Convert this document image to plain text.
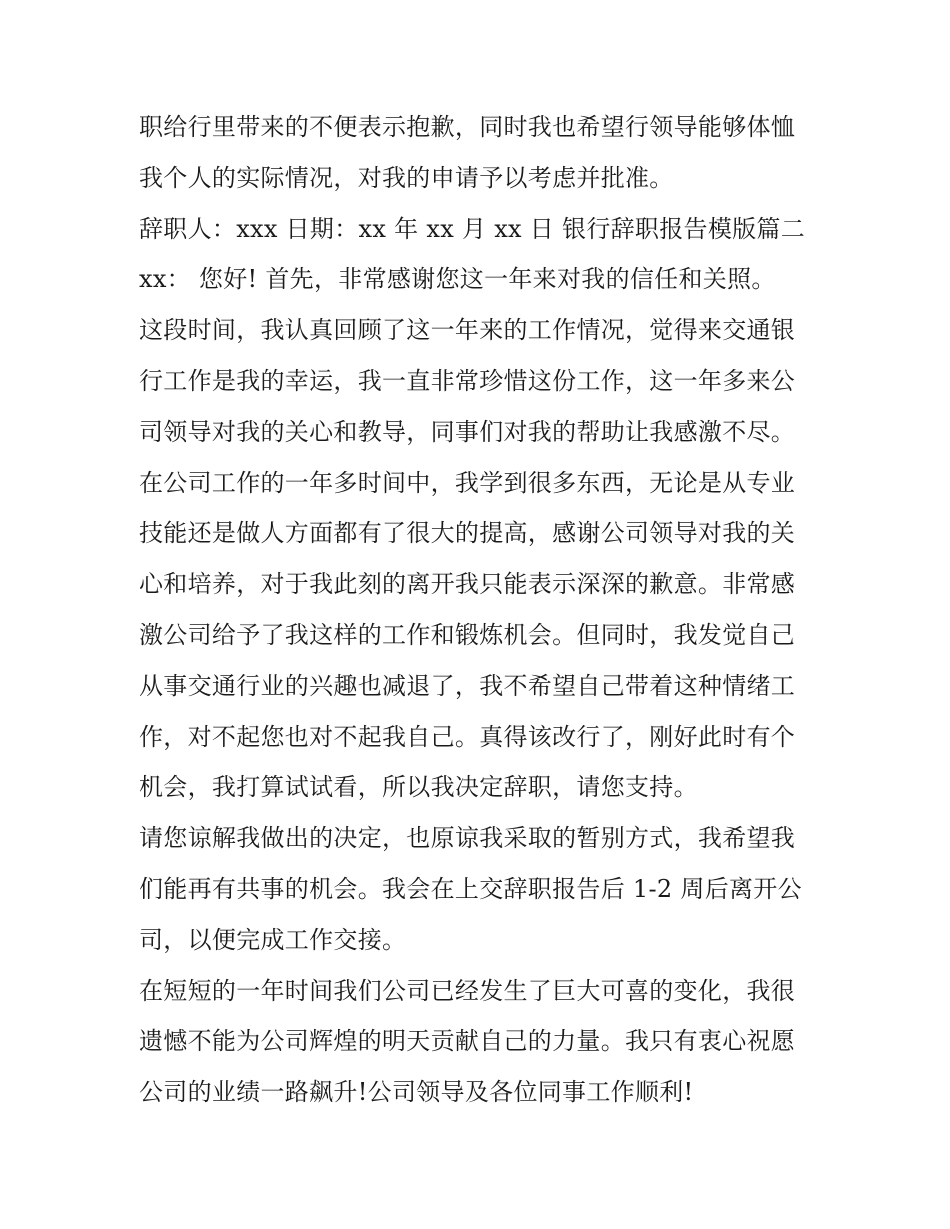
职给行里带来的不便表示抱歉，同时我也希望行领导能够体恤
我个人的实际情况，对我的申请予以考虑并批准。
辞职人：xxx 日期：xx 年 xx 月 xx 日 银行辞职报告模版篇二
xx： 您好! 首先，非常感谢您这一年来对我的信任和关照。
这段时间，我认真回顾了这一年来的工作情况，觉得来交通银
行工作是我的幸运，我一直非常珍惜这份工作，这一年多来公
司领导对我的关心和教导，同事们对我的帮助让我感激不尽。
在公司工作的一年多时间中，我学到很多东西，无论是从专业
技能还是做人方面都有了很大的提高，感谢公司领导对我的关
心和培养，对于我此刻的离开我只能表示深深的歉意。非常感
激公司给予了我这样的工作和锻炼机会。但同时，我发觉自己
从事交通行业的兴趣也减退了，我不希望自己带着这种情绪工
作，对不起您也对不起我自己。真得该改行了，刚好此时有个
机会，我打算试试看，所以我决定辞职，请您支持。
请您谅解我做出的决定，也原谅我采取的暂别方式，我希望我
们能再有共事的机会。我会在上交辞职报告后 1-2 周后离开公
司，以便完成工作交接。
在短短的一年时间我们公司已经发生了巨大可喜的变化，我很
遗憾不能为公司辉煌的明天贡献自己的力量。我只有衷心祝愿
公司的业绩一路飙升!公司领导及各位同事工作顺利!
